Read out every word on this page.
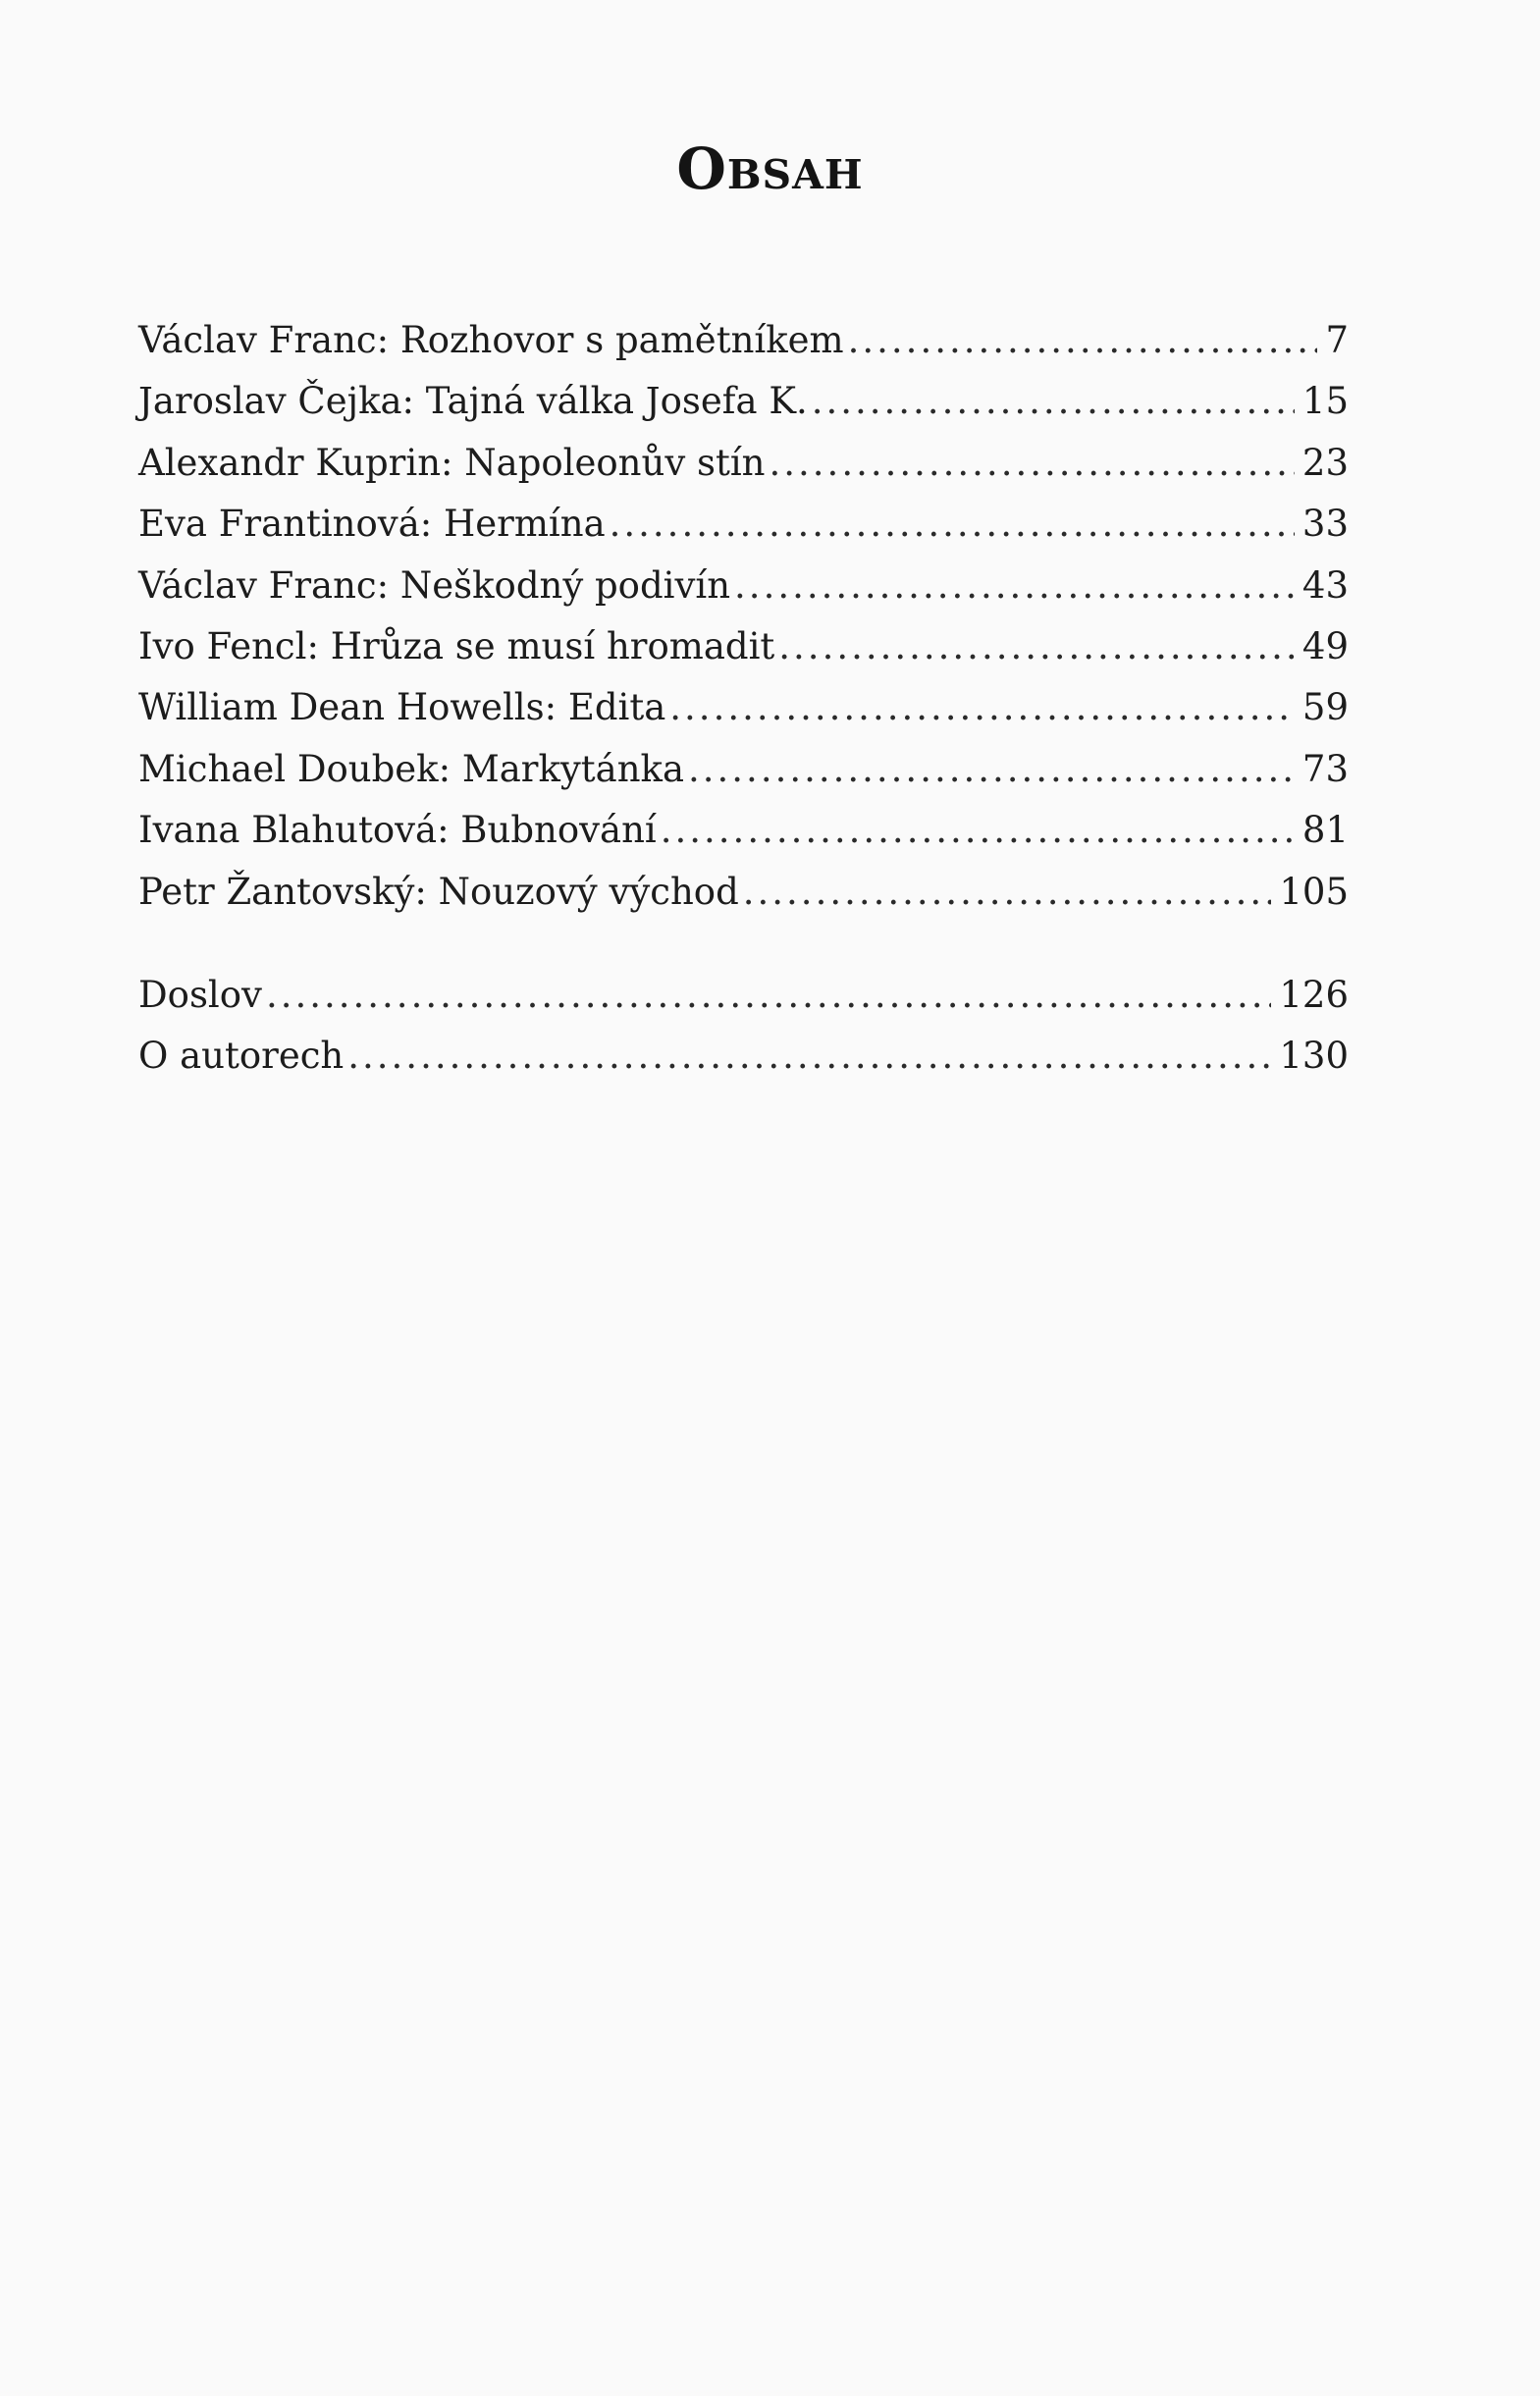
Obsah
Václav Franc: Rozhovor s pamětníkem .....	7
Jaroslav Čejka: Tajná válka Josefa K. .....	15
Alexandr Kuprin: Napoleonův stín .....	23
Eva Frantinová: Hermína .....	33
Václav Franc: Neškodný podivín .....	43
Ivo Fencl: Hrůza se musí hromadit .....	49
William Dean Howells: Edita .....	59
Michael Doubek: Markytánka .....	73
Ivana Blahutová: Bubnování .....	81
Petr Žantovský: Nouzový východ .....	105
Doslov .....	126
O autorech .....	130
